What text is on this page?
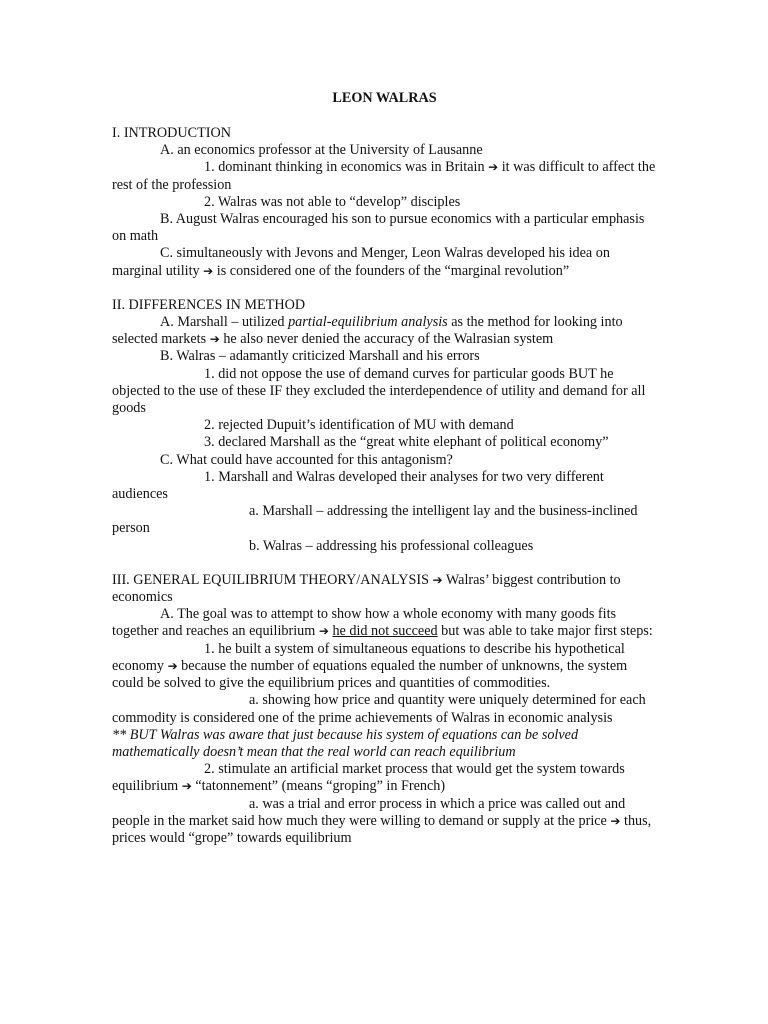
LEON WALRAS

I. INTRODUCTION

A. an economics professor at the University of Lausanne

1. dominant thinking in economics was in Britain ➔ it was difficult to affect the rest of the profession

2. Walras was not able to “develop” disciples

B. August Walras encouraged his son to pursue economics with a particular emphasis on math

C. simultaneously with Jevons and Menger, Leon Walras developed his idea on marginal utility ➔ is considered one of the founders of the “marginal revolution”

II. DIFFERENCES IN METHOD

A. Marshall – utilized partial-equilibrium analysis as the method for looking into selected markets ➔ he also never denied the accuracy of the Walrasian system

B. Walras – adamantly criticized Marshall and his errors

1. did not oppose the use of demand curves for particular goods BUT he objected to the use of these IF they excluded the interdependence of utility and demand for all goods

2. rejected Dupuit’s identification of MU with demand

3. declared Marshall as the “great white elephant of political economy”

C. What could have accounted for this antagonism?

1. Marshall and Walras developed their analyses for two very different audiences

a. Marshall – addressing the intelligent lay and the business-inclined person

b. Walras – addressing his professional colleagues

III. GENERAL EQUILIBRIUM THEORY/ANALYSIS ➔ Walras’ biggest contribution to economics

A. The goal was to attempt to show how a whole economy with many goods fits together and reaches an equilibrium ➔ he did not succeed but was able to take major first steps:

1. he built a system of simultaneous equations to describe his hypothetical economy ➔ because the number of equations equaled the number of unknowns, the system could be solved to give the equilibrium prices and quantities of commodities.

a. showing how price and quantity were uniquely determined for each commodity is considered one of the prime achievements of Walras in economic analysis

** BUT Walras was aware that just because his system of equations can be solved mathematically doesn’t mean that the real world can reach equilibrium

2. stimulate an artificial market process that would get the system towards equilibrium ➔ “tatonnement” (means “groping” in French)

a. was a trial and error process in which a price was called out and people in the market said how much they were willing to demand or supply at the price ➔ thus, prices would “grope” towards equilibrium
